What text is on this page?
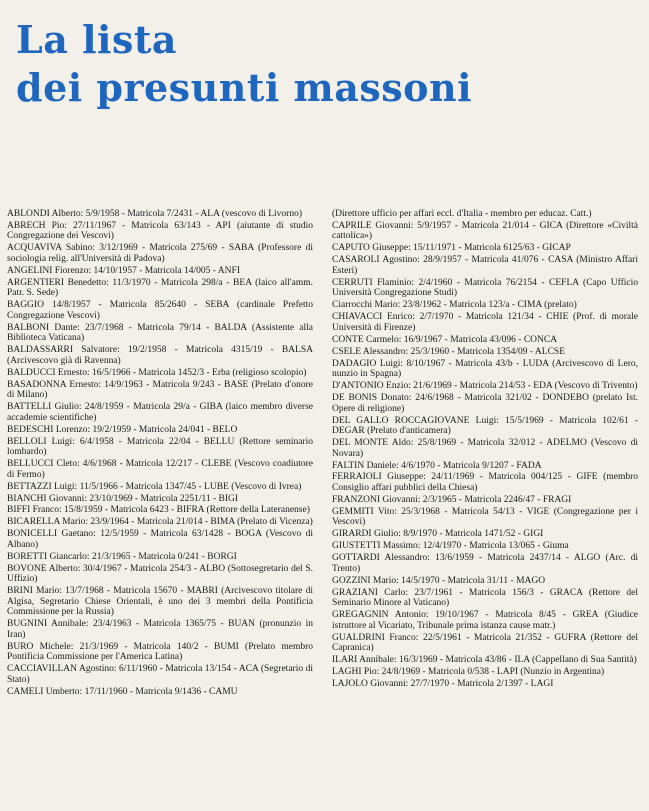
La lista
dei presunti massoni

ABLONDI Alberto: 5/9/1958 - Matricola 7/2431 - ALA (vescovo di Livorno)

ABRECH Pio: 27/11/1967 - Matricola 63/143 - API (aiutante di studio Congregazione dei Vescovi)

ACQUAVIVA Sabino: 3/12/1969 - Matricola 275/69 - SABA (Professore di sociologia relig. all'Università di Padova)

ANGELINI Fiorenzo: 14/10/1957 - Matricola 14/005 - ANFI

ARGENTIERI Benedetto: 11/3/1970 - Matricola 298/a - BEA (laico all'amm. Patr. S. Sede)

BAGGIO 14/8/1957 - Matricola 85/2640 - SEBA (cardinale Prefetto Congregazione Vescovi)

BALBONI Dante: 23/7/1968 - Matricola 79/14 - BALDA (Assistente alla Biblioteca Vaticana)

BALDASSARRI Salvatore: 19/2/1958 - Matricola 4315/19 - BALSA (Arcivescovo già di Ravenna)

BALDUCCI Ernesto: 16/5/1966 - Matricola 1452/3 - Erba (religioso scolopio)

BASADONNA Ernesto: 14/9/1963 - Matricola 9/243 - BASE (Prelato d'onore di Milano)

BATTELLI Giulio: 24/8/1959 - Matricola 29/a - GIBA (laico membro diverse accademie scientifiche)

BEDESCHI Lorenzo: 19/2/1959 - Matricola 24/041 - BELO

BELLOLI Luigi: 6/4/1958 - Matricola 22/04 - BELLU (Rettore seminario lombardo)

BELLUCCI Cleto: 4/6/1968 - Matricola 12/217 - CLEBE (Vescovo coadiutore di Fermo)

BETTAZZI Luigi: 11/5/1966 - Matricola 1347/45 - LUBE (Vescovo di Ivrea)

BIANCHI Giovanni: 23/10/1969 - Matricola 2251/11 - BIGI

BIFFI Franco: 15/8/1959 - Matricola 6423 - BIFRA (Rettore della Lateranense)

BICARELLA Mario: 23/9/1964 - Matricola 21/014 - BIMA (Prelato di Vicenza)

BONICELLI Gaetano: 12/5/1959 - Matricola 63/1428 - BOGA (Vescovo di Albano)

BORETTI Giancarlo: 21/3/1965 - Matricola 0/241 - BORGI

BOVONE Alberto: 30/4/1967 - Matricola 254/3 - ALBO (Sottosegretario del S. Uffizio)

BRINI Mario: 13/7/1968 - Matricola 15670 - MABRI (Arcivescovo titolare di Algisa, Segretario Chiese Orientali, è uno dei 3 membri della Pontificia Commissione per la Russia)

BUGNINI Annibale: 23/4/1963 - Matricola 1365/75 - BUAN (pronunzio in Iran)

BURO Michele: 21/3/1969 - Matricola 140/2 - BUMI (Prelato membro Pontificia Commissione per l'America Latina)

CACCIAVILLAN Agostino: 6/11/1960 - Matricola 13/154 - ACA (Segretario di Stato)

CAMELI Umberto: 17/11/1960 - Matricola 9/1436 - CAMU

(Direttore ufficio per affari eccl. d'Italia - membro per educaz. Catt.)

CAPRILE Giovanni: 5/9/1957 - Matricola 21/014 - GICA (Direttore «Civiltà cattolica»)

CAPUTO Giuseppe: 15/11/1971 - Matricola 6125/63 - GICAP

CASAROLI Agostino: 28/9/1957 - Matricola 41/076 - CASA (Ministro Affari Esteri)

CERRUTI Flaminio: 2/4/1960 - Matricola 76/2154 - CEFLA (Capo Ufficio Università Congregazione Studi)

Ciarrocchi Mario: 23/8/1962 - Matricola 123/a - CIMA (prelato)

CHIAVACCI Enrico: 2/7/1970 - Matricola 121/34 - CHIE (Prof. di morale Università di Firenze)

CONTE Carmelo: 16/9/1967 - Matricola 43/096 - CONCA

CSELE Alessandro: 25/3/1960 - Matricola 1354/09 - ALCSE

DADAGIO Luigi: 8/10/1967 - Matricola 43/b - LUDA (Arcivescovo di Lero, nunzio in Spagna)

D'ANTONIO Enzio: 21/6/1969 - Matricola 214/53 - EDA (Vescovo di Trivento)

DE BONIS Donato: 24/6/1968 - Matricola 321/02 - DONDEBO (prelato Ist. Opere di religione)

DEL GALLO ROCCAGIOVANE Luigi: 15/5/1969 - Matricola 102/61 - DEGAR (Prelato d'anticamera)

DEL MONTE Aldo: 25/8/1969 - Matricola 32/012 - ADELMO (Vescovo di Novara)

FALTIN Daniele: 4/6/1970 - Matricola 9/1207 - FADA

FERRAIOLI Giuseppe: 24/11/1969 - Matricola 004/125 - GIFE (membro Consiglio affari pubblici della Chiesa)

FRANZONI Giovanni: 2/3/1965 - Matricola 2246/47 - FRAGI

GEMMITI Vito: 25/3/1968 - Matricola 54/13 - VIGE (Congregazione per i Vescovi)

GIRARDI Giulio: 8/9/1970 - Matricola 1471/52 - GIGI

GIUSTETTI Massimo: 12/4/1970 - Matricola 13/065 - Giuma

GOTTARDI Alessandro: 13/6/1959 - Matricola 2437/14 - ALGO (Arc. di Trento)

GOZZINI Mario: 14/5/1970 - Matricola 31/11 - MAGO

GRAZIANI Carlo: 23/7/1961 - Matricola 156/3 - GRACA (Rettore del Seminario Minore al Vaticano)

GREGAGNIN Antonio: 19/10/1967 - Matricola 8/45 - GREA (Giudice istruttore al Vicariato, Tribunale prima istanza cause matr.)

GUALDRINI Franco: 22/5/1961 - Matricola 21/352 - GUFRA (Rettore del Capranica)

ILARI Annibale: 16/3/1969 - Matricola 43/86 - ILA (Cappellano di Sua Santità)

LAGHI Pio: 24/8/1969 - Matricola 0/538 - LAPI (Nunzio in Argentina)

LAJOLO Giovanni: 27/7/1970 - Matricola 2/1397 - LAGI
